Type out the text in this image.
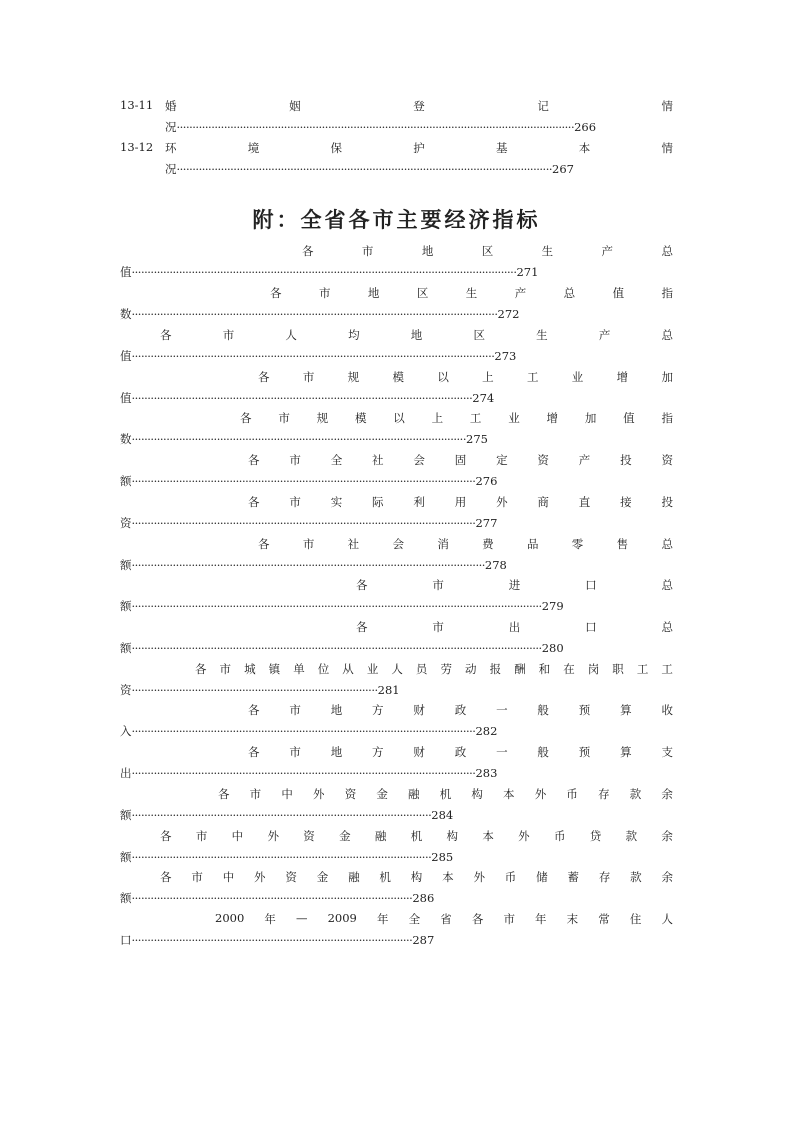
附：全省各市主要经济指标
13-11 婚	姻	登	记	情
况······························································································································266
13-12 环	境	保	护	基	本	情
况·······················································································································267
各	市	地	区	生	产	总
值··························································································································271
各	市	地	区	生	产	总	值	指
数····················································································································272
各	市	人	均	地	区	生	产	总
值···················································································································273
各	市	规	模	以	上	工	业	增	加
值············································································································274
各 市 规 模 以 上 工 业 增 加 值 指
数··········································································································275
各	市	全	社	会	固	定	资	产	投	资
额·············································································································276
各	市	实	际	利	用	外	商	直	接	投
资·············································································································277
各	市	社	会	消	费	品	零	售	总
额················································································································278
各	市	进	口	总
额··································································································································279
各	市	出	口	总
额··································································································································280
各 市 城 镇 单 位 从 业 人 员 劳 动 报 酬 和 在 岗 职 工 工
资··············································································281
各	市	地	方	财	政	一	般	预	算	收
入·············································································································282
各	市	地	方	财	政	一	般	预	算	支
出·············································································································283
各 市 中 外 资 金 融 机 构 本 外 币 存 款 余
额·······························································································284
各 市 中 外 资 金 融 机 构 本 外 币 贷 款 余
额·······························································································285
各 市 中 外 资 金 融 机 构 本 外 币 储 蓄 存 款 余
额·························································································286
2000 年 — 2009 年 全 省 各 市 年 末 常 住 人
口·························································································287
